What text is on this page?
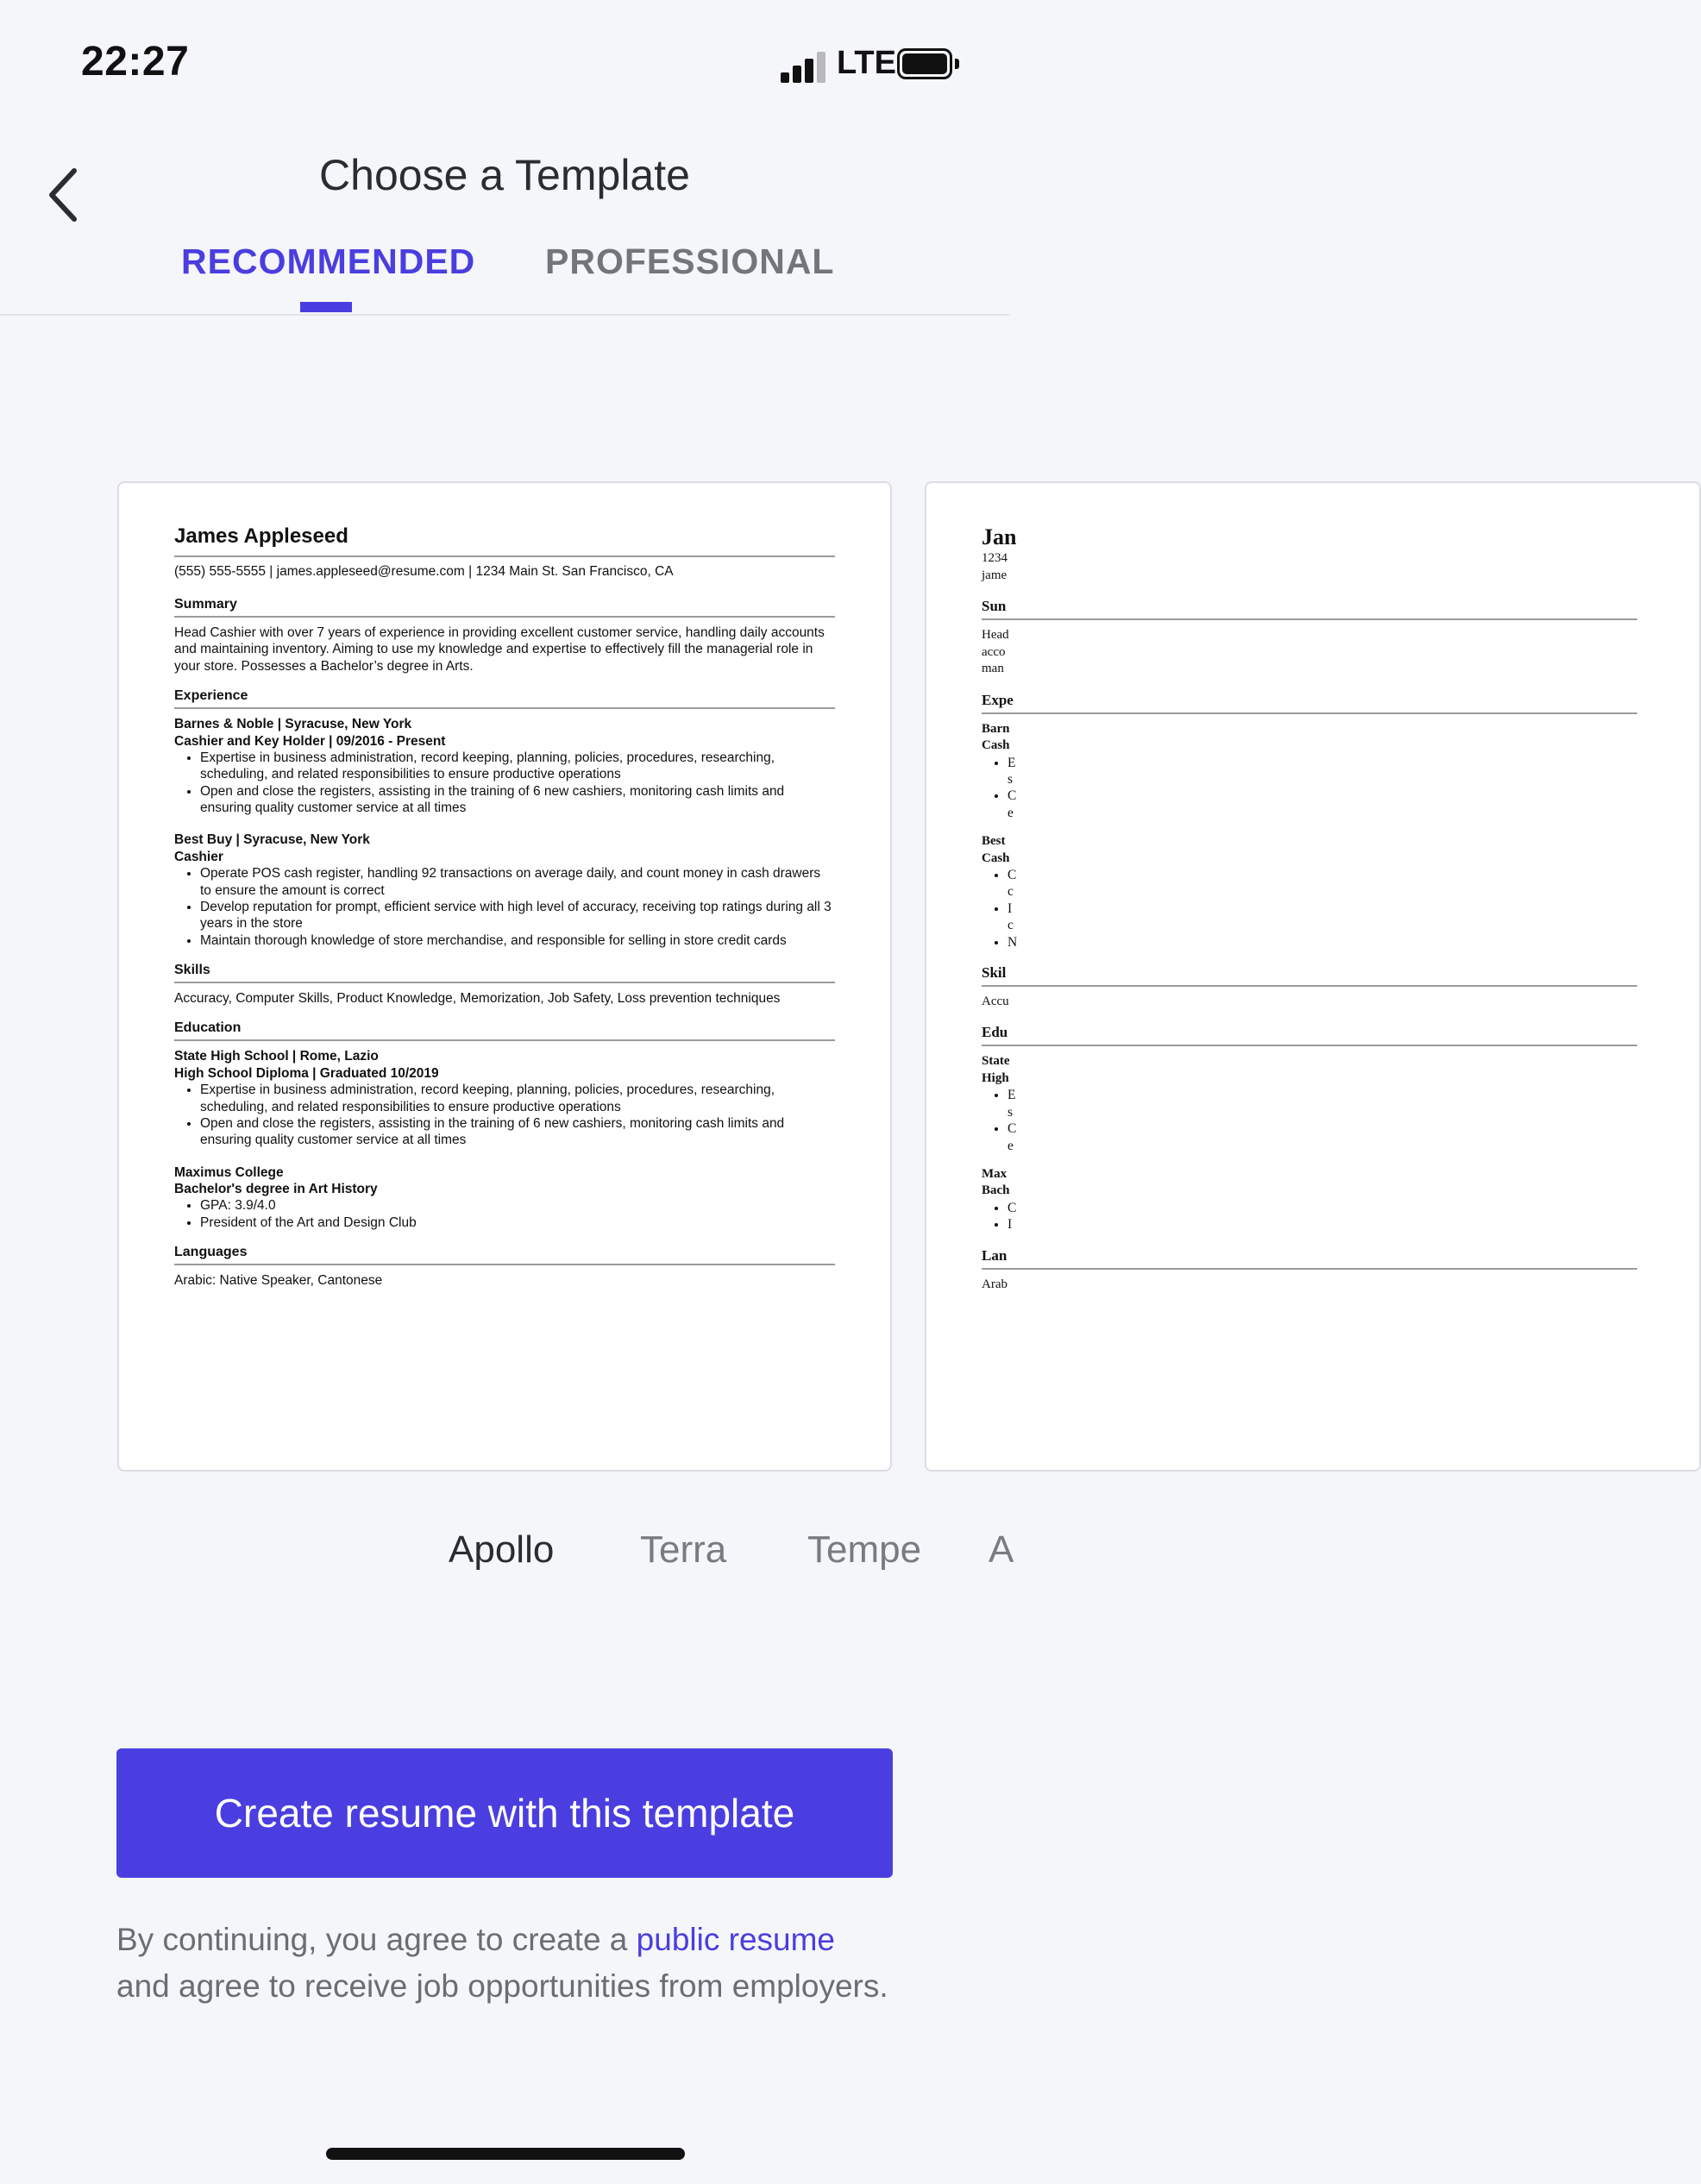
22:27	LTE
Choose a Template
RECOMMENDED PROFESSIONAL
James Appleseed
(555) 555-5555 | james.appleseed@resume.com | 1234 Main St. San Francisco, CA
Summary
Head Cashier with over 7 years of experience in providing excellent customer service, handling daily accounts and maintaining inventory. Aiming to use my knowledge and expertise to effectively fill the managerial role in your store. Possesses a Bachelor’s degree in Arts.
Experience
Barnes & Noble | Syracuse, New York
Cashier and Key Holder | 09/2016 - Present
• Expertise in business administration, record keeping, planning, policies, procedures, researching, scheduling, and related responsibilities to ensure productive operations
• Open and close the registers, assisting in the training of 6 new cashiers, monitoring cash limits and ensuring quality customer service at all times
Best Buy | Syracuse, New York
Cashier
• Operate POS cash register, handling 92 transactions on average daily, and count money in cash drawers to ensure the amount is correct
• Develop reputation for prompt, efficient service with high level of accuracy, receiving top ratings during all 3 years in the store
• Maintain thorough knowledge of store merchandise, and responsible for selling in store credit cards
Skills
Accuracy, Computer Skills, Product Knowledge, Memorization, Job Safety, Loss prevention techniques
Education
State High School | Rome, Lazio
High School Diploma | Graduated 10/2019
• Expertise in business administration, record keeping, planning, policies, procedures, researching, scheduling, and related responsibilities to ensure productive operations
• Open and close the registers, assisting in the training of 6 new cashiers, monitoring cash limits and ensuring quality customer service at all times
Maximus College
Bachelor's degree in Art History
• GPA: 3.9/4.0
• President of the Art and Design Club
Languages
Arabic: Native Speaker, Cantonese
Jan
1234
jame
Sun
Head
acco
man
Expe
Barn
Cash
• E
s
• C
e
Best
Cash
• C
c
• I
c
• N
Skil
Accu
Edu
State
High
• E
s
• C
e
Max
Bach
• C
• I
Lan
Arab
Apollo Terra Tempe A
Create resume with this template
By continuing, you agree to create a public resume and agree to receive job opportunities from employers.
